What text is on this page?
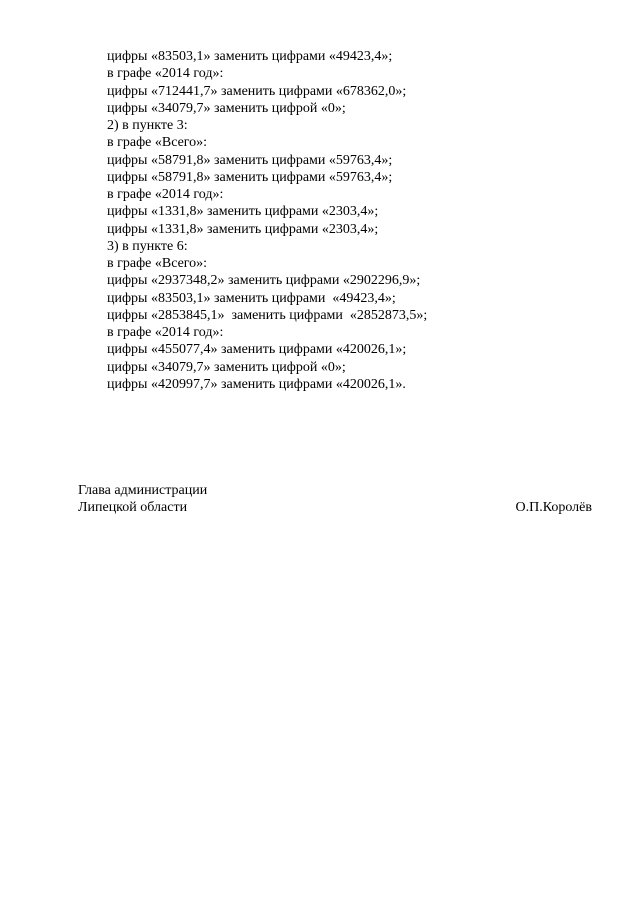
цифры «83503,1» заменить цифрами «49423,4»;
в графе «2014 год»:
цифры «712441,7» заменить цифрами «678362,0»;
цифры «34079,7» заменить цифрой «0»;
2) в пункте 3:
в графе «Всего»:
цифры «58791,8» заменить цифрами «59763,4»;
цифры «58791,8» заменить цифрами «59763,4»;
в графе «2014 год»:
цифры «1331,8» заменить цифрами «2303,4»;
цифры «1331,8» заменить цифрами «2303,4»;
3) в пункте 6:
в графе «Всего»:
цифры «2937348,2» заменить цифрами «2902296,9»;
цифры «83503,1» заменить цифрами  «49423,4»;
цифры «2853845,1»  заменить цифрами  «2852873,5»;
в графе «2014 год»:
цифры «455077,4» заменить цифрами «420026,1»;
цифры «34079,7» заменить цифрой «0»;
цифры «420997,7» заменить цифрами «420026,1».
Глава администрации
Липецкой области	О.П.Королёв
